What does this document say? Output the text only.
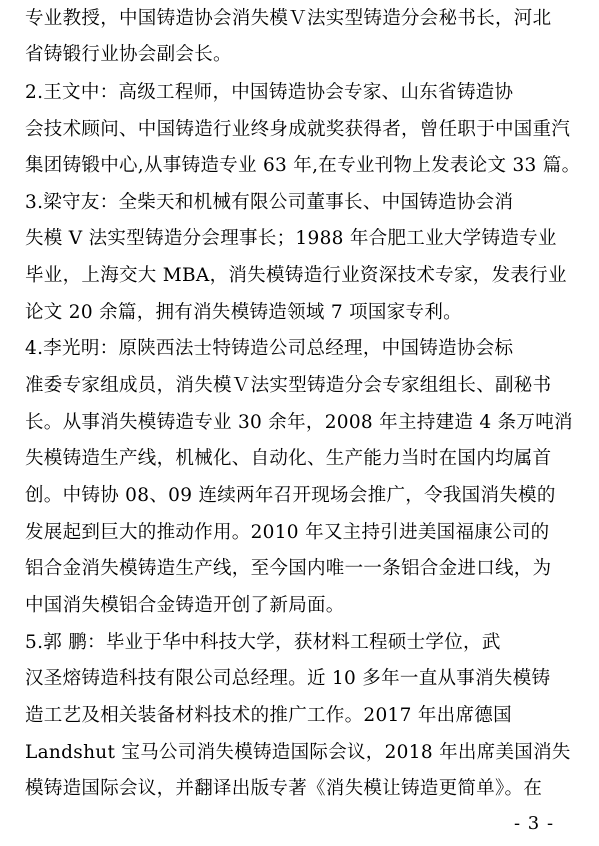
专业教授，中国铸造协会消失模Ｖ法实型铸造分会秘书长，河北
省铸锻行业协会副会长。
2.王文中：高级工程师，中国铸造协会专家、山东省铸造协
会技术顾问、中国铸造行业终身成就奖获得者，曾任职于中国重汽
集团铸锻中心,从事铸造专业 63 年,在专业刊物上发表论文 33 篇。
3.梁守友：全柴天和机械有限公司董事长、中国铸造协会消
失模 V 法实型铸造分会理事长；1988 年合肥工业大学铸造专业
毕业，上海交大 MBA，消失模铸造行业资深技术专家，发表行业
论文 20 余篇，拥有消失模铸造领域 7 项国家专利。
4.李光明：原陕西法士特铸造公司总经理，中国铸造协会标
准委专家组成员，消失模Ｖ法实型铸造分会专家组组长、副秘书
长。从事消失模铸造专业 30 余年，2008 年主持建造 4 条万吨消
失模铸造生产线，机械化、自动化、生产能力当时在国内均属首
创。中铸协 08、09 连续两年召开现场会推广，令我国消失模的
发展起到巨大的推动作用。2010 年又主持引进美国福康公司的
铝合金消失模铸造生产线，至今国内唯一一条铝合金进口线，为
中国消失模铝合金铸造开创了新局面。
5.郭 鹏：毕业于华中科技大学，获材料工程硕士学位，武
汉圣熔铸造科技有限公司总经理。近 10 多年一直从事消失模铸
造工艺及相关装备材料技术的推广工作。2017 年出席德国
Landshut 宝马公司消失模铸造国际会议，2018 年出席美国消失
模铸造国际会议，并翻译出版专著《消失模让铸造更简单》。在
- 3 -
